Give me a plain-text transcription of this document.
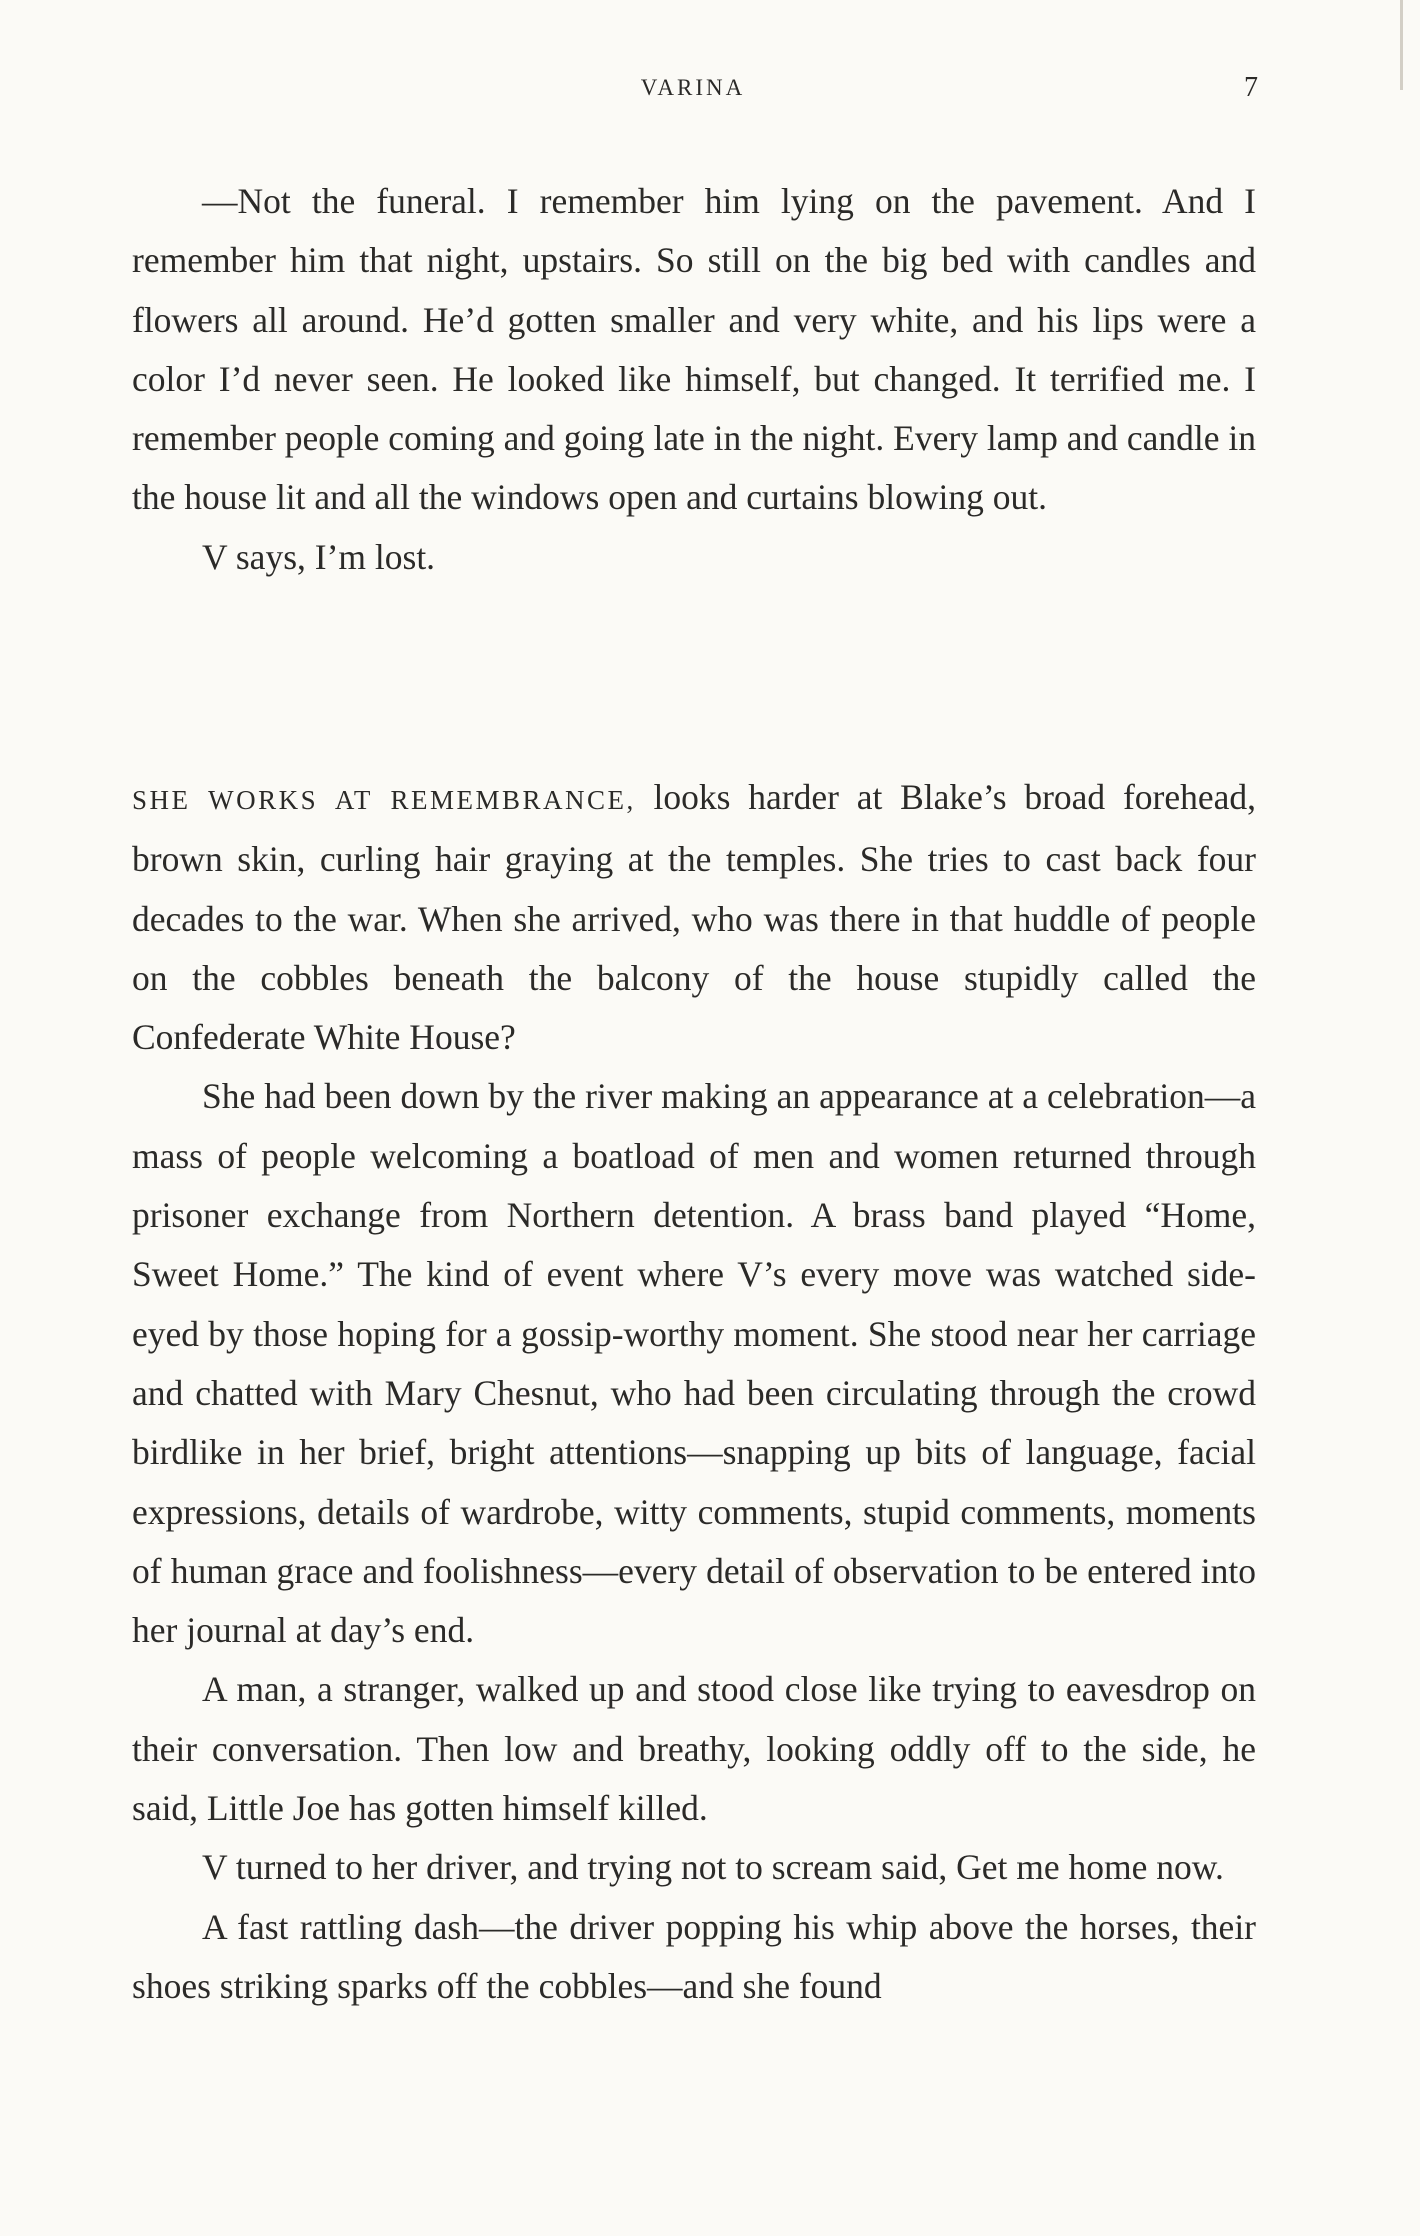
VARINA	7

—Not the funeral. I remember him lying on the pavement. And I remember him that night, upstairs. So still on the big bed with candles and flowers all around. He’d gotten smaller and very white, and his lips were a color I’d never seen. He looked like himself, but changed. It terrified me. I remember people coming and going late in the night. Every lamp and candle in the house lit and all the windows open and curtains blowing out.

V says, I’m lost.

SHE WORKS AT REMEMBRANCE, looks harder at Blake’s broad forehead, brown skin, curling hair graying at the temples. She tries to cast back four decades to the war. When she arrived, who was there in that huddle of people on the cobbles beneath the balcony of the house stupidly called the Confederate White House?

She had been down by the river making an appearance at a celebration—a mass of people welcoming a boatload of men and women returned through prisoner exchange from Northern detention. A brass band played “Home, Sweet Home.” The kind of event where V’s every move was watched side-eyed by those hoping for a gossip-worthy moment. She stood near her carriage and chatted with Mary Chesnut, who had been circulating through the crowd birdlike in her brief, bright attentions—snapping up bits of language, facial expressions, details of wardrobe, witty comments, stupid comments, moments of human grace and foolishness—every detail of observation to be entered into her journal at day’s end.

A man, a stranger, walked up and stood close like trying to eavesdrop on their conversation. Then low and breathy, looking oddly off to the side, he said, Little Joe has gotten himself killed.

V turned to her driver, and trying not to scream said, Get me home now.

A fast rattling dash—the driver popping his whip above the horses, their shoes striking sparks off the cobbles—and she found
